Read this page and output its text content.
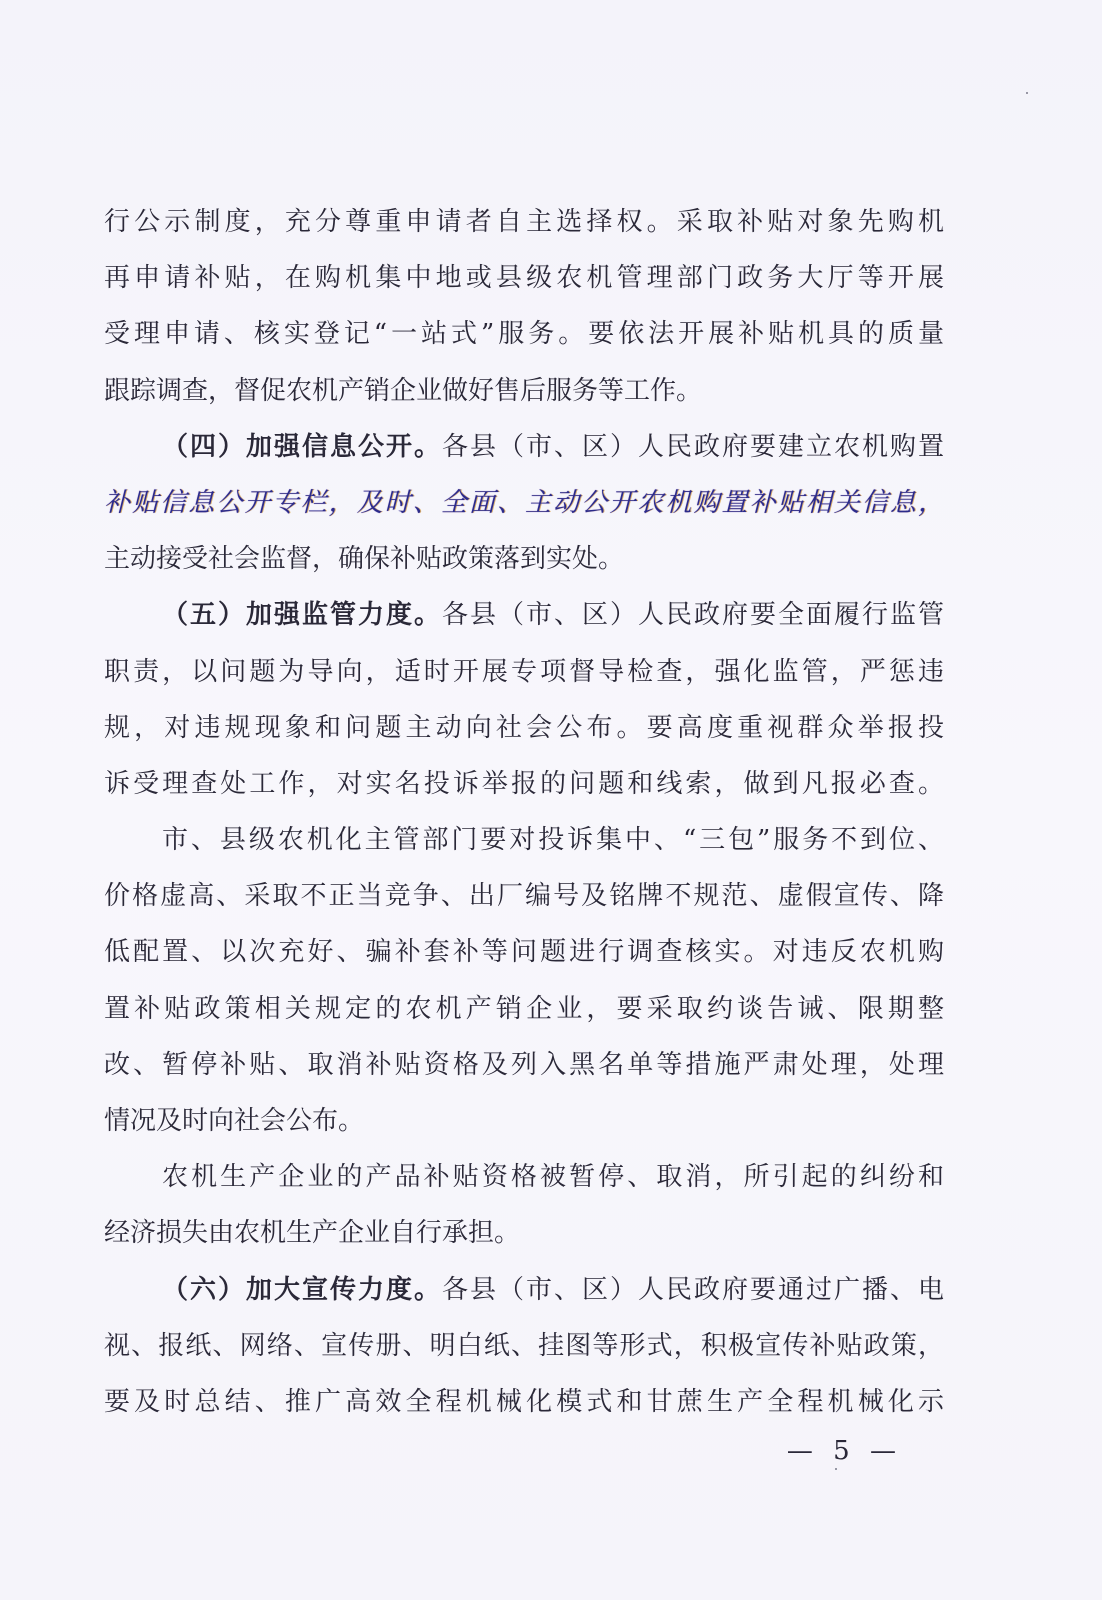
行公示制度，充分尊重申请者自主选择权。采取补贴对象先购机
再申请补贴，在购机集中地或县级农机管理部门政务大厅等开展
受理申请、核实登记“一站式”服务。要依法开展补贴机具的质量
跟踪调查，督促农机产销企业做好售后服务等工作。
（四）加强信息公开。各县（市、区）人民政府要建立农机购置
补贴信息公开专栏，及时、全面、主动公开农机购置补贴相关信息，
主动接受社会监督，确保补贴政策落到实处。
（五）加强监管力度。各县（市、区）人民政府要全面履行监管
职责，以问题为导向，适时开展专项督导检查，强化监管，严惩违
规，对违规现象和问题主动向社会公布。要高度重视群众举报投
诉受理查处工作，对实名投诉举报的问题和线索，做到凡报必查。
市、县级农机化主管部门要对投诉集中、“三包”服务不到位、
价格虚高、采取不正当竞争、出厂编号及铭牌不规范、虚假宣传、降
低配置、以次充好、骗补套补等问题进行调查核实。对违反农机购
置补贴政策相关规定的农机产销企业，要采取约谈告诫、限期整
改、暂停补贴、取消补贴资格及列入黑名单等措施严肃处理，处理
情况及时向社会公布。
农机生产企业的产品补贴资格被暂停、取消，所引起的纠纷和
经济损失由农机生产企业自行承担。
（六）加大宣传力度。各县（市、区）人民政府要通过广播、电
视、报纸、网络、宣传册、明白纸、挂图等形式，积极宣传补贴政策，
要及时总结、推广高效全程机械化模式和甘蔗生产全程机械化示
— 5 —
